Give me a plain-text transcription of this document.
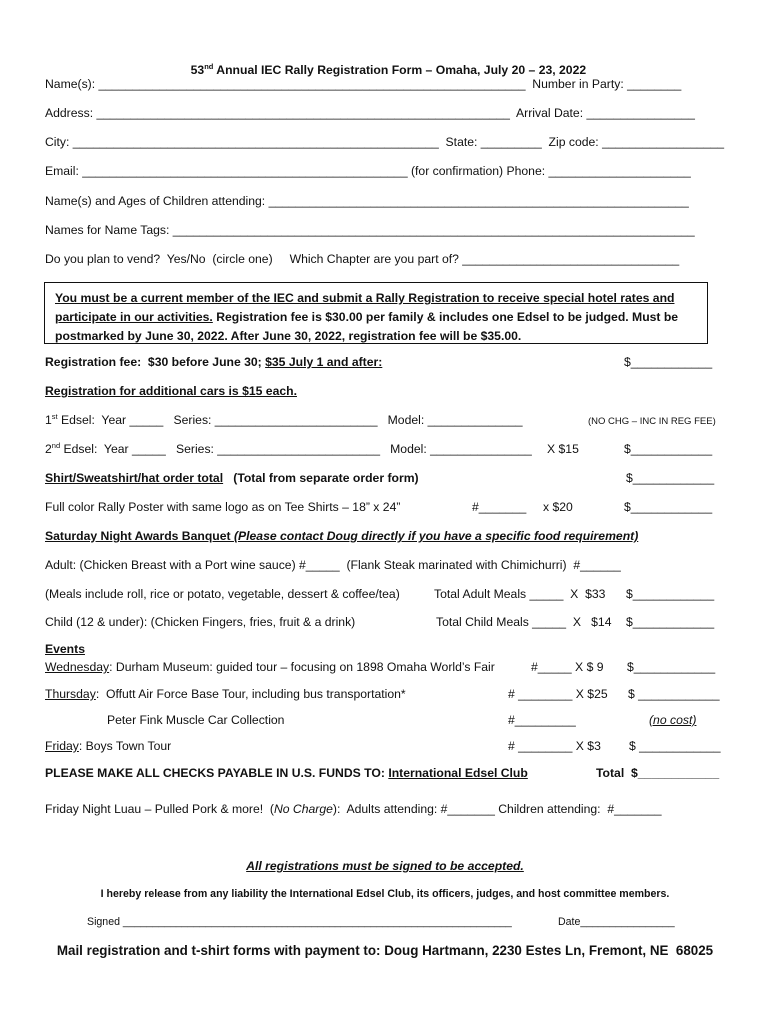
53nd Annual IEC Rally Registration Form – Omaha, July 20 – 23, 2022

Name(s): _______________________________________________________________  Number in Party: ________
Address: _____________________________________________________________  Arrival Date: ________________
City: ______________________________________________________  State: _________  Zip code: __________________
Email: ________________________________________________ (for confirmation) Phone: _____________________
Name(s) and Ages of Children attending: ______________________________________________________________
Names for Name Tags: _____________________________________________________________________________
Do you plan to vend?  Yes/No  (circle one)     Which Chapter are you part of? ________________________________
You must be a current member of the IEC and submit a Rally Registration to receive special hotel rates and participate in our activities. Registration fee is $30.00 per family & includes one Edsel to be judged. Must be postmarked by June 30, 2022. After June 30, 2022, registration fee will be $35.00.
Registration fee:  $30 before June 30; $35 July 1 and after:	$____________
Registration for additional cars is $15 each.
1st Edsel:  Year _____   Series: ________________________   Model: ______________	(NO CHG – INC IN REG FEE)
2nd Edsel:  Year _____   Series: ________________________   Model: _______________ X $15	$____________
Shirt/Sweatshirt/hat order total   (Total from separate order form)	$____________
Full color Rally Poster with same logo as on Tee Shirts – 18” x 24”	#_______ x $20	$____________
Saturday Night Awards Banquet (Please contact Doug directly if you have a specific food requirement)
Adult: (Chicken Breast with a Port wine sauce) #_____  (Flank Steak marinated with Chimichurri)  #______
(Meals include roll, rice or potato, vegetable, dessert & coffee/tea)	Total Adult Meals _____  X  $33 $____________
Child (12 & under): (Chicken Fingers, fries, fruit & a drink)	Total Child Meals _____  X   $14 $____________
Events
Wednesday: Durham Museum: guided tour – focusing on 1898 Omaha World’s Fair	#_____ X $ 9 $____________
Thursday:  Offutt Air Force Base Tour, including bus transportation*	# ________ X $25 $ ____________
Peter Fink Muscle Car Collection	#_________	(no cost)
Friday: Boys Town Tour	# ________ X $3 $ ____________
PLEASE MAKE ALL CHECKS PAYABLE IN U.S. FUNDS TO: International Edsel Club	Total  $____________
Friday Night Luau – Pulled Pork & more!  (No Charge):  Adults attending: #_______ Children attending:  #_______
All registrations must be signed to be accepted.
I hereby release from any liability the International Edsel Club, its officers, judges, and host committee members.
Signed __________________________________________________________________	Date________________
Mail registration and t-shirt forms with payment to: Doug Hartmann, 2230 Estes Ln, Fremont, NE  68025
